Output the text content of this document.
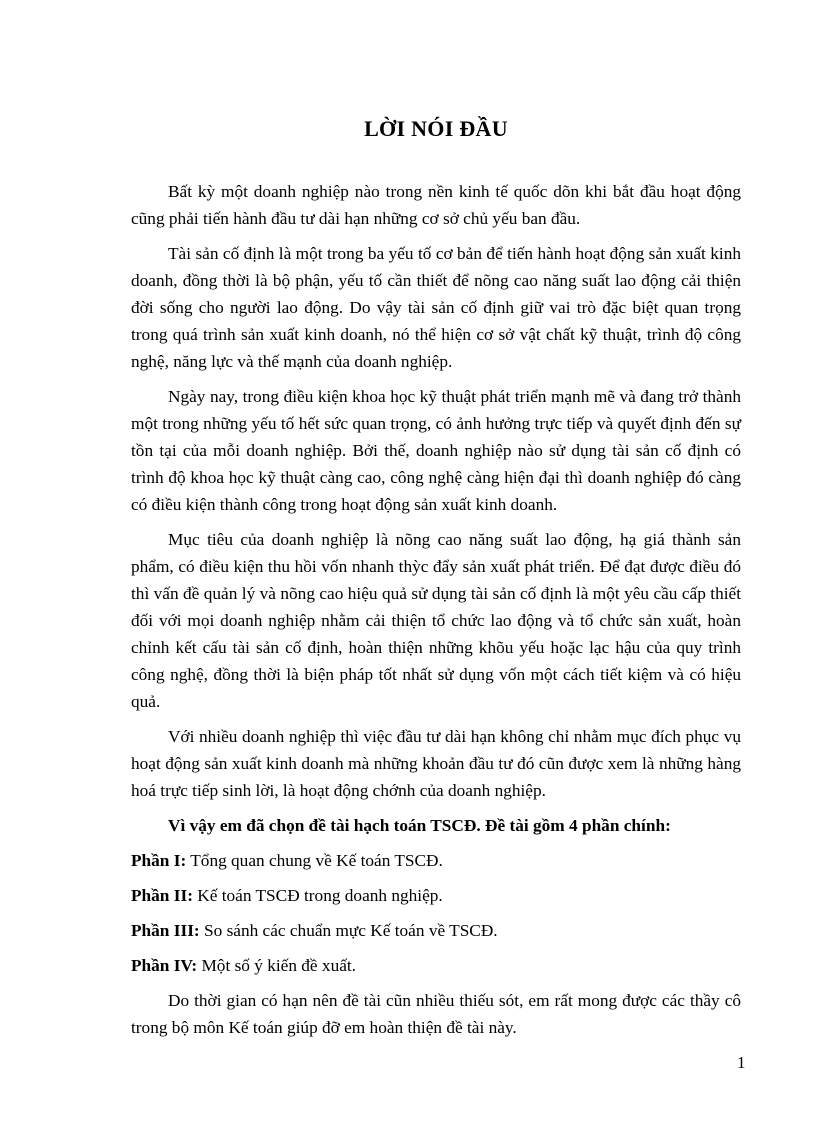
LỜI NÓI ĐẦU

Bất kỳ một doanh nghiệp nào trong nền kinh tế quốc dõn khi bắt đầu hoạt động cũng phải tiến hành đầu tư dài hạn những cơ sở chủ yếu ban đầu.

Tài sản cố định là một trong ba yếu tố cơ bản để tiến hành hoạt động sản xuất kinh doanh, đồng thời là bộ phận, yếu tố cần thiết để nõng cao năng suất lao động cải thiện đời sống cho người lao động. Do vậy tài sản cố định giữ vai trò đặc biệt quan trọng trong quá trình sản xuất kinh doanh, nó thể hiện cơ sở vật chất kỹ thuật, trình độ công nghệ, năng lực và thế mạnh của doanh nghiệp.

Ngày nay, trong điều kiện khoa học kỹ thuật phát triển mạnh mẽ và đang trở thành một trong những yếu tố hết sức quan trọng, có ảnh hưởng trực tiếp và quyết định đến sự tồn tại của mỗi doanh nghiệp. Bởi thế, doanh nghiệp nào sử dụng tài sản cố định có trình độ khoa học kỹ thuật càng cao, công nghệ càng hiện đại thì doanh nghiệp đó càng có điều kiện thành công trong hoạt động sản xuất kinh doanh.

Mục tiêu của doanh nghiệp là nõng cao năng suất lao động, hạ giá thành sản phẩm, có điều kiện thu hồi vốn nhanh thỳc đẩy sản xuất phát triển. Để đạt được điều đó thì vấn đề quản lý và nõng cao hiệu quả sử dụng tài sản cố định là một yêu cầu cấp thiết đối với mọi doanh nghiệp nhằm cải thiện tổ chức lao động và tổ chức sản xuất, hoàn chỉnh kết cấu tài sản cố định, hoàn thiện những khõu yếu hoặc lạc hậu của quy trình công nghệ, đồng thời là biện pháp tốt nhất sử dụng vốn một cách tiết kiệm và có hiệu quả.

Với nhiều doanh nghiệp thì việc đầu tư dài hạn không chỉ nhằm mục đích phục vụ hoạt động sản xuất kinh doanh mà những khoản đầu tư đó cũn được xem là những hàng hoá trực tiếp sinh lời, là hoạt động chớnh của doanh nghiệp.

Vì vậy em đã chọn đề tài hạch toán TSCĐ. Đề tài gồm 4 phần chính:

Phần I: Tổng quan chung về Kế toán TSCĐ.

Phần II: Kế toán TSCĐ trong doanh nghiệp.

Phần III: So sánh các chuẩn mực Kế toán về TSCĐ.

Phần IV: Một số ý kiến đề xuất.

Do thời gian có hạn nên đề tài cũn nhiều thiếu sót, em rất mong được các thầy cô trong bộ môn Kế toán giúp đỡ em hoàn thiện đề tài này.

1
